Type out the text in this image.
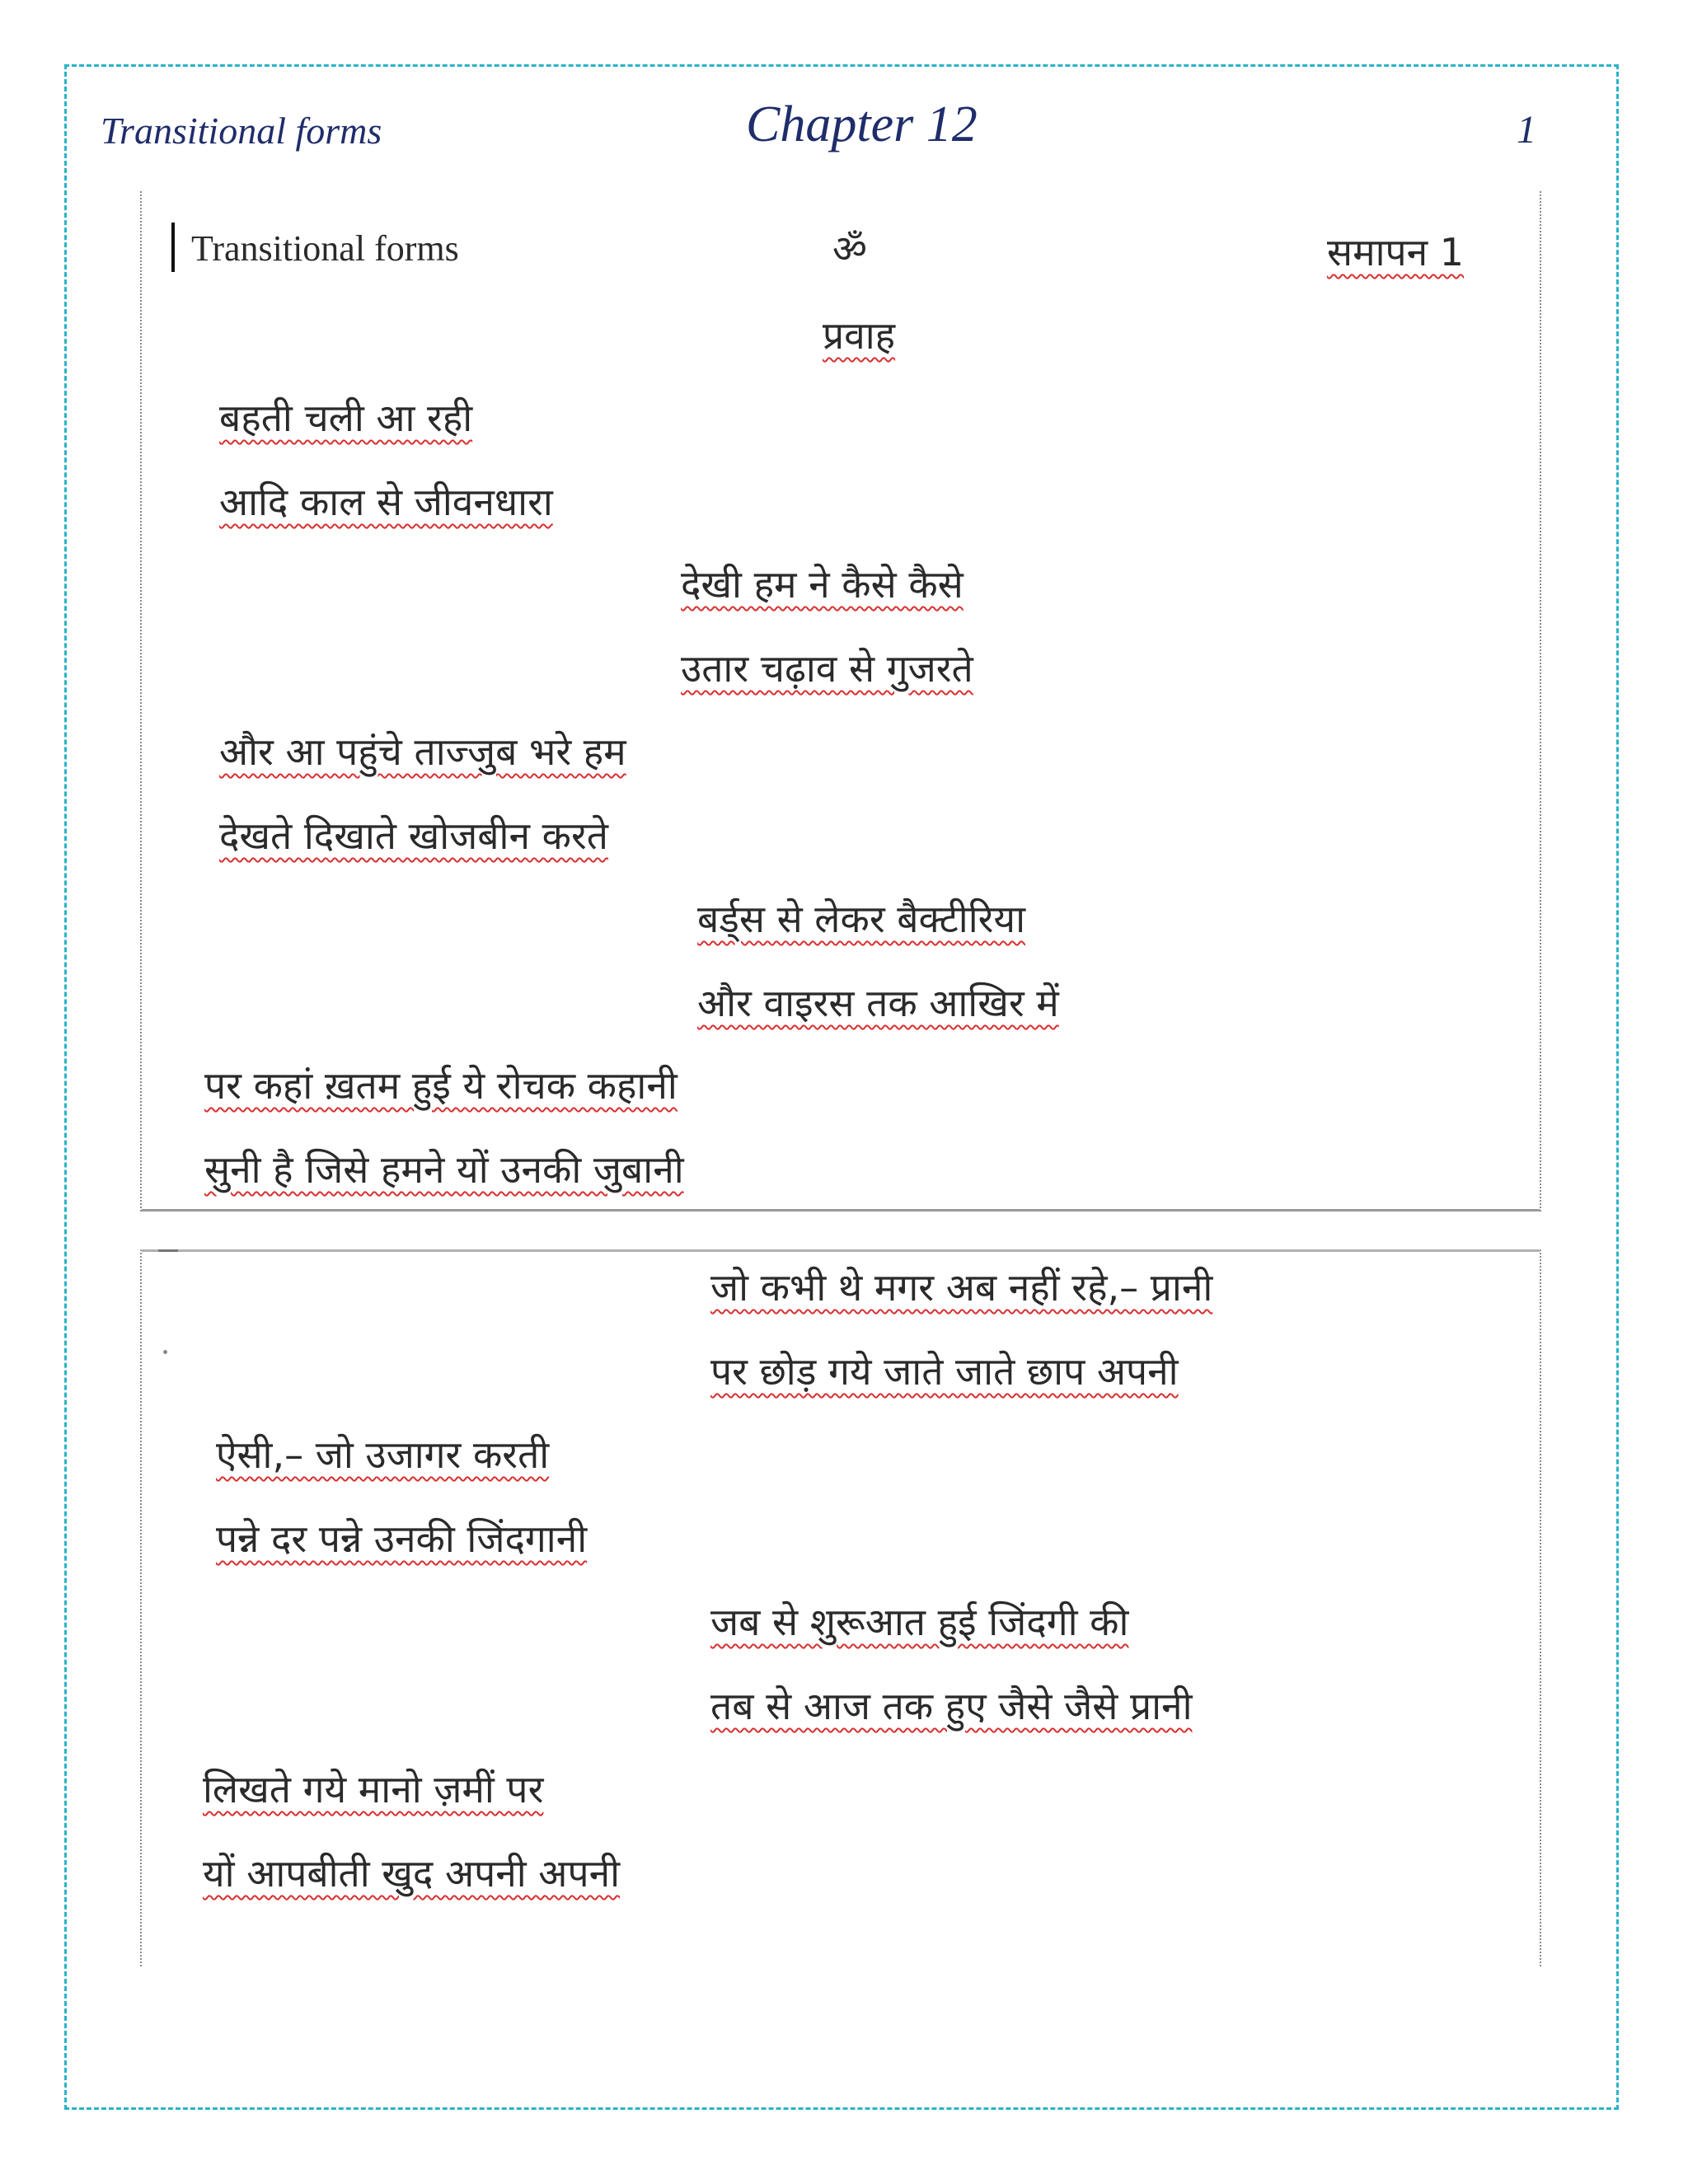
Transitional forms	Chapter 12	1
Transitional forms	ॐ	समापन 1
प्रवाह
बहती चली आ रही
आदि काल से जीवनधारा
देखी हम ने कैसे कैसे
उतार चढ़ाव से गुजरते
और आ पहुंचे ताज्जुब भरे हम
देखते दिखाते खोजबीन करते
बर्ड्स से लेकर बैक्टीरिया
और वाइरस तक आखिर में
पर कहां ख़तम हुई ये रोचक कहानी
सुनी है जिसे हमने यों उनकी जुबानी
जो कभी थे मगर अब नहीं रहे,– प्रानी
पर छोड़ गये जाते जाते छाप अपनी
ऐसी,– जो उजागर करती
पन्ने दर पन्ने उनकी जिंदगानी
जब से शुरूआत हुई जिंदगी की
तब से आज तक हुए जैसे जैसे प्रानी
लिखते गये मानो ज़मीं पर
यों आपबीती खुद अपनी अपनी
